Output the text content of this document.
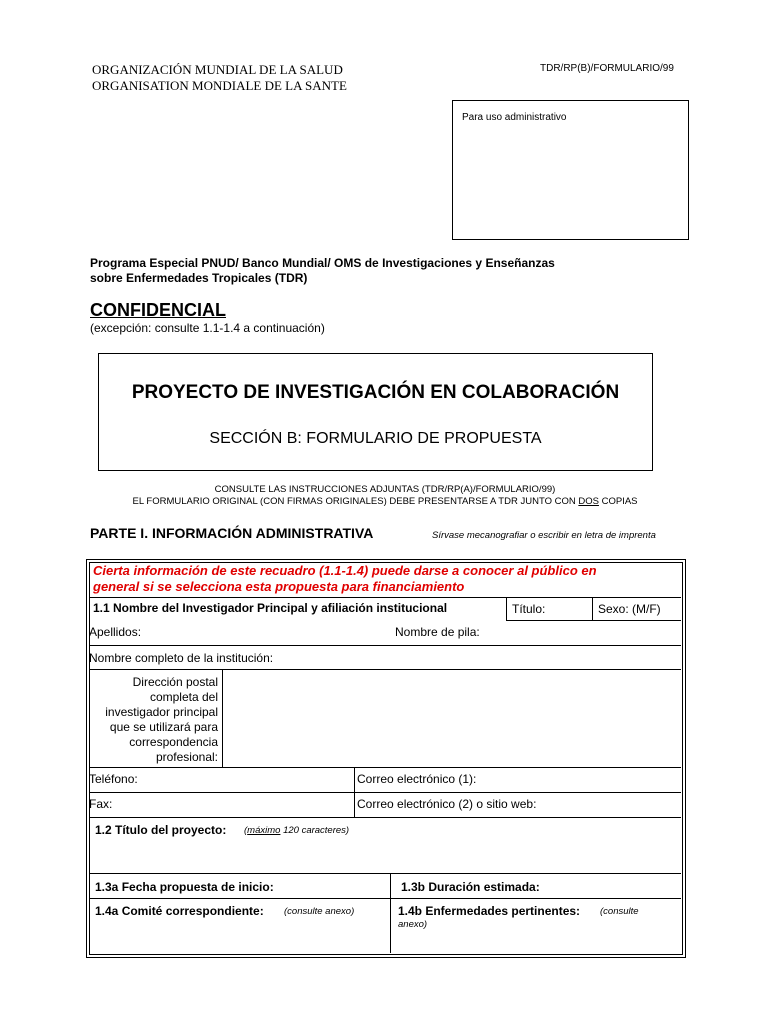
ORGANIZACIÓN MUNDIAL DE LA SALUD
ORGANISATION MONDIALE DE LA SANTE
TDR/RP(B)/FORMULARIO/99
Para uso administrativo
Programa Especial PNUD/ Banco Mundial/ OMS de Investigaciones y Enseñanzas
sobre Enfermedades Tropicales (TDR)
CONFIDENCIAL
(excepción: consulte 1.1-1.4 a continuación)
PROYECTO DE INVESTIGACIÓN EN COLABORACIÓN
SECCIÓN B: FORMULARIO DE PROPUESTA
CONSULTE LAS INSTRUCCIONES ADJUNTAS (TDR/RP(A)/FORMULARIO/99)
EL FORMULARIO ORIGINAL (CON FIRMAS ORIGINALES) DEBE PRESENTARSE A TDR JUNTO CON DOS COPIAS
PARTE I. INFORMACIÓN ADMINISTRATIVA	Sírvase mecanografiar o escribir en letra de imprenta
Cierta información de este recuadro (1.1-1.4) puede darse a conocer al público en
general si se selecciona esta propuesta para financiamiento
1.1 Nombre del Investigador Principal y afiliación institucional	Título:	Sexo: (M/F)
Apellidos:	Nombre de pila:
Nombre completo de la institución:
Dirección postal
completa del
investigador principal
que se utilizará para
correspondencia
profesional:
Teléfono:	Correo electrónico (1):
Fax:	Correo electrónico (2) o sitio web:
1.2 Título del proyecto: (máximo 120 caracteres)
1.3a Fecha propuesta de inicio:	1.3b Duración estimada:
1.4a Comité correspondiente: (consulte anexo)	1.4b Enfermedades pertinentes: (consulte
anexo)
